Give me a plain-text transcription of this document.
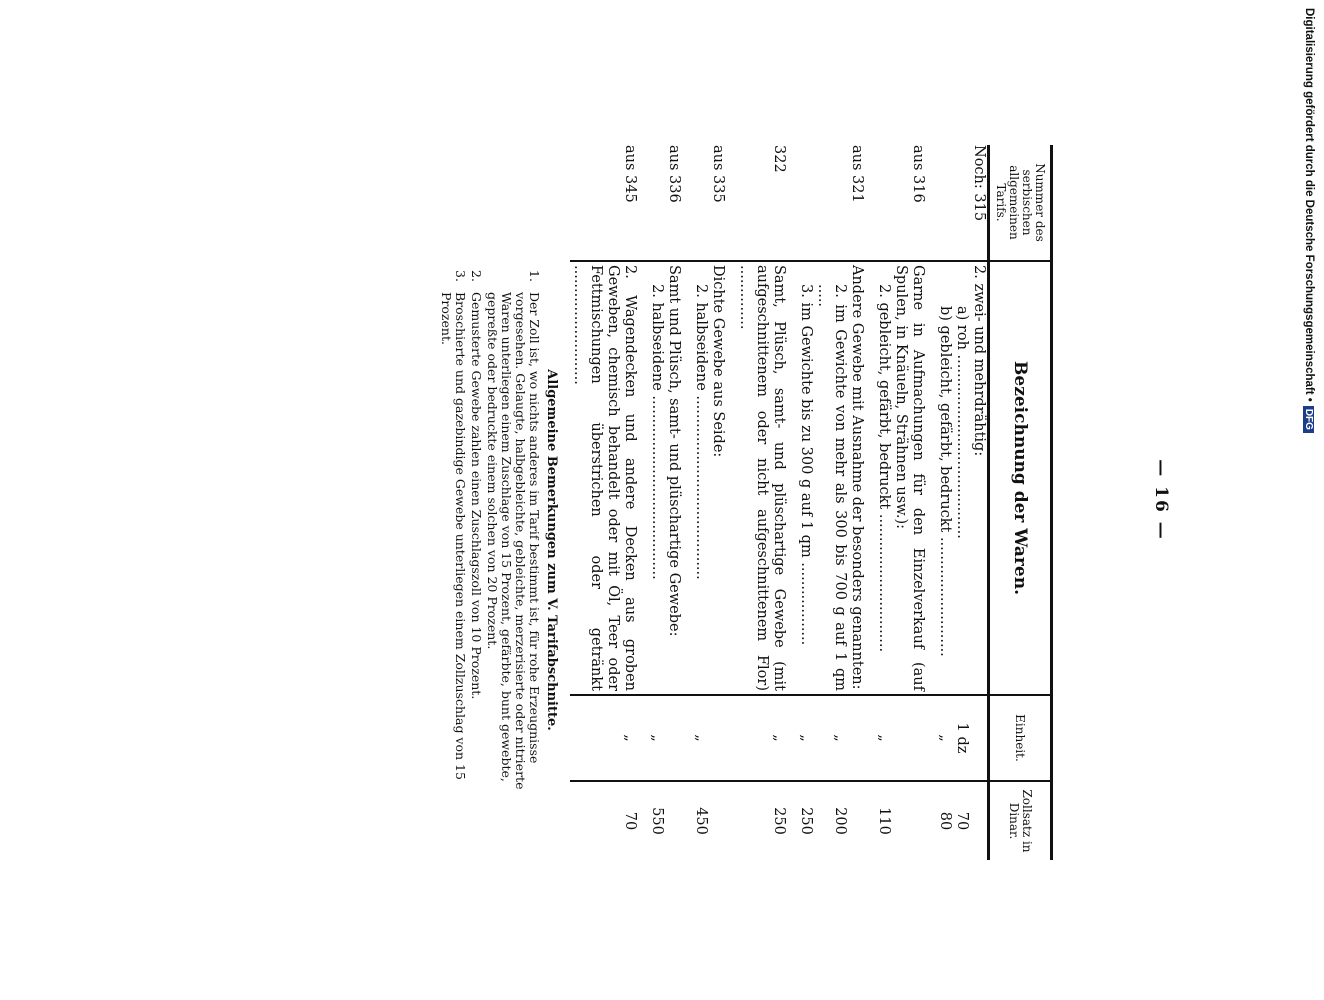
— 16 —
Nummer des serbischen allgemeinen Tarifs.	Bezeichnung der Waren.	Einheit.	Zollsatz in Dinar.
Noch: 315	2. zwei- und mehrdrähtig:		
	a) roh ........................................	1 dz	70
	b) gebleicht, gefärbt, bedruckt ..........................	„	80

aus 316	Garne in Aufmachungen für den Einzelverkauf (auf Spulen, in Knäueln, Strähnen usw.):		
	2. gebleicht, gefärbt, bedruckt ..............................	„	110

aus 321	Andere Gewebe mit Ausnahme der besonders genannten:		
	2. im Gewichte von mehr als 300 bis 700 g auf 1 qm .....	„	200
	3. im Gewichte bis zu 300 g auf 1 qm ..................	„	250

322	Samt, Plüsch, samt- und plüschartige Gewebe (mit aufgeschnittenem oder nicht aufgeschnittenem Flor) ..............	„	250

aus 335	Dichte Gewebe aus Seide:		
	2. halbseidene ........................................	„	450

aus 336	Samt und Plüsch, samt- und plüschartige Gewebe:		
	2. halbseidene ........................................	„	550

aus 345	2. Wagendecken und andere Decken aus groben Geweben, chemisch behandelt oder mit Öl, Teer oder Fettmischungen überstrichen oder getränkt ..........................	„	70
Allgemeine Bemerkungen zum V. Tarifabschnitte.
1.
Der Zoll ist, wo nichts anderes im Tarif bestimmt ist, für rohe Erzeugnisse vorgesehen. Gelaugte, halbgebleichte, gebleichte, merzerisierte oder nitrierte Waren unterliegen einem Zuschlage von 15 Prozent, gefärbte, bunt gewebte, gepreßte oder bedruckte einem solchen von 20 Prozent.
2.
Gemusterte Gewebe zahlen einen Zuschlagszoll von 10 Prozent.
3.
Broschierte und gazebindige Gewebe unterliegen einem Zollzuschlag von 15 Prozent.	Digitalisierung gefördert durch die Deutsche Forschungsgemeinschaft •
DFG
